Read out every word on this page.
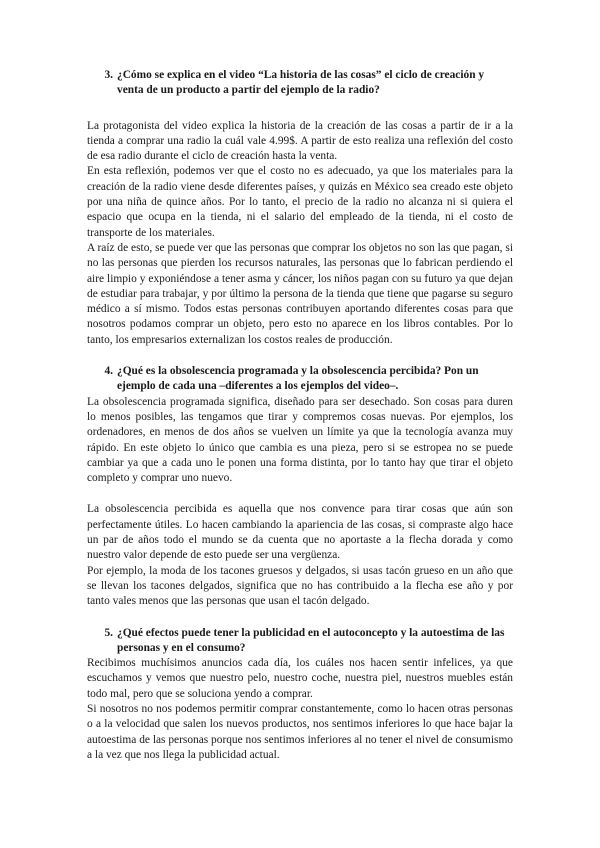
3. ¿Cómo se explica en el video “La historia de las cosas” el ciclo de creación y venta de un producto a partir del ejemplo de la radio?

La protagonista del video explica la historia de la creación de las cosas a partir de ir a la tienda a comprar una radio la cuál vale 4.99$. A partir de esto realiza una reflexión del costo de esa radio durante el ciclo de creación hasta la venta.

En esta reflexión, podemos ver que el costo no es adecuado, ya que los materiales para la creación de la radio viene desde diferentes países, y quizás en México sea creado este objeto por una niña de quince años. Por lo tanto, el precio de la radio no alcanza ni si quiera el espacio que ocupa en la tienda, ni el salario del empleado de la tienda, ni el costo de transporte de los materiales.

A raíz de esto, se puede ver que las personas que comprar los objetos no son las que pagan, si no las personas que pierden los recursos naturales, las personas que lo fabrican perdiendo el aire limpio y exponiéndose a tener asma y cáncer, los niños pagan con su futuro ya que dejan de estudiar para trabajar, y por último la persona de la tienda que tiene que pagarse su seguro médico a sí mismo. Todos estas personas contribuyen aportando diferentes cosas para que nosotros podamos comprar un objeto, pero esto no aparece en los libros contables. Por lo tanto, los empresarios externalizan los costos reales de producción.

4. ¿Qué es la obsolescencia programada y la obsolescencia percibida? Pon un ejemplo de cada una –diferentes a los ejemplos del video–.

La obsolescencia programada significa, diseñado para ser desechado. Son cosas para duren lo menos posibles, las tengamos que tirar y compremos cosas nuevas. Por ejemplos, los ordenadores, en menos de dos años se vuelven un límite ya que la tecnología avanza muy rápido. En este objeto lo único que cambia es una pieza, pero si se estropea no se puede cambiar ya que a cada uno le ponen una forma distinta, por lo tanto hay que tirar el objeto completo y comprar uno nuevo.

La obsolescencia percibida es aquella que nos convence para tirar cosas que aún son perfectamente útiles. Lo hacen cambiando la apariencia de las cosas, si compraste algo hace un par de años todo el mundo se da cuenta que no aportaste a la flecha dorada y como nuestro valor depende de esto puede ser una vergüenza.

Por ejemplo, la moda de los tacones gruesos y delgados, si usas tacón grueso en un año que se llevan los tacones delgados, significa que no has contribuido a la flecha ese año y por tanto vales menos que las personas que usan el tacón delgado.

5. ¿Qué efectos puede tener la publicidad en el autoconcepto y la autoestima de las personas y en el consumo?

Recibimos muchísimos anuncios cada día, los cuáles nos hacen sentir infelices, ya que escuchamos y vemos que nuestro pelo, nuestro coche, nuestra piel, nuestros muebles están todo mal, pero que se soluciona yendo a comprar.

Si nosotros no nos podemos permitir comprar constantemente, como lo hacen otras personas o a la velocidad que salen los nuevos productos, nos sentimos inferiores lo que hace bajar la autoestima de las personas porque nos sentimos inferiores al no tener el nivel de consumismo a la vez que nos llega la publicidad actual.
